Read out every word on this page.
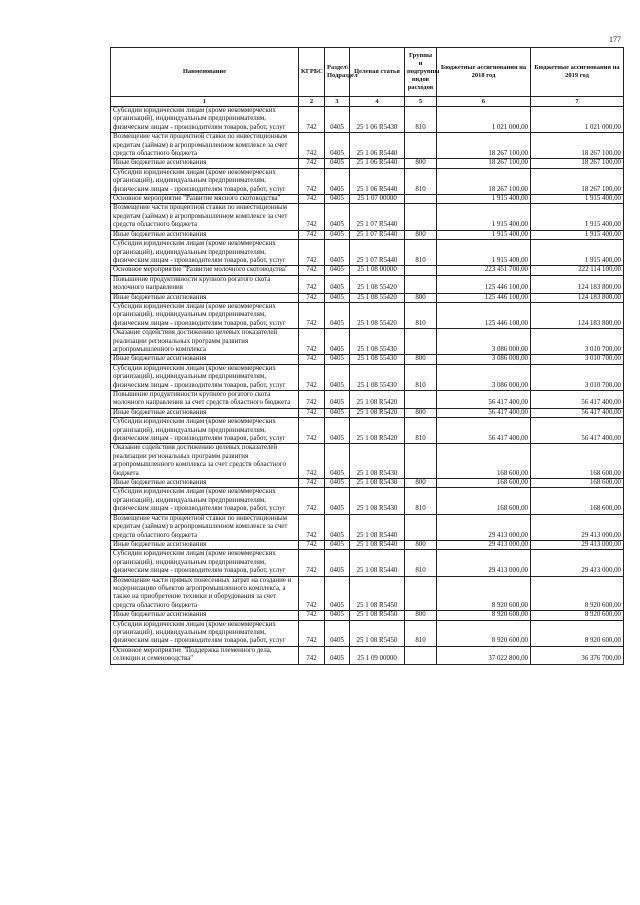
177
Наименование	КГРБС	Раздел\ Подраздел	Целевая статья	Группы и подгруппы видов расходов	Бюджетные ассигнования на 2018 год	Бюджетные ассигнования на 2019 год
1	2	3	4	5	6	7
Субсидии юридическим лицам (кроме некоммерческих организаций), индивидуальным предпринимателям, физическим лицам - производителям товаров, работ, услуг	742	0405	25 1 06 R5430	810	1 021 000,00	1 021 000,00
Возмещение части процентной ставки по инвестиционным кредитам (займам) в агропромышленном комплексе за счет средств областного бюджета	742	0405	25 1 06 R5440		18 267 100,00	18 267 100,00
Иные бюджетные ассигнования	742	0405	25 1 06 R5440	800	18 267 100,00	18 267 100,00
Субсидии юридическим лицам (кроме некоммерческих организаций), индивидуальным предпринимателям, физическим лицам - производителям товаров, работ, услуг	742	0405	25 1 06 R5440	810	18 267 100,00	18 267 100,00
Основное мероприятие "Развитие мясного скотоводства"	742	0405	25 1 07 00000		1 915 400,00	1 915 400,00
Возмещение части процентной ставки по инвестиционным кредитам (займам) в агропромышленном комплексе за счет средств областного бюджета	742	0405	25 1 07 R5440		1 915 400,00	1 915 400,00
Иные бюджетные ассигнования	742	0405	25 1 07 R5440	800	1 915 400,00	1 915 400,00
Субсидии юридическим лицам (кроме некоммерческих организаций), индивидуальным предпринимателям, физическим лицам - производителям товаров, работ, услуг	742	0405	25 1 07 R5440	810	1 915 400,00	1 915 400,00
Основное мероприятие "Развитие молочного скотоводства"	742	0405	25 1 08 00000		223 451 700,00	222 114 100,00
Повышение продуктивности крупного рогатого скота молочного направления	742	0405	25 1 08 55420		125 446 100,00	124 183 800,00
Иные бюджетные ассигнования	742	0405	25 1 08 55420	800	125 446 100,00	124 183 800,00
Субсидии юридическим лицам (кроме некоммерческих организаций), индивидуальным предпринимателям, физическим лицам - производителям товаров, работ, услуг	742	0405	25 1 08 55420	810	125 446 100,00	124 183 800,00
Оказание содействия достижению целевых показателей реализации региональных программ развития агропромышленного комплекса	742	0405	25 1 08 55430		3 086 000,00	3 010 700,00
Иные бюджетные ассигнования	742	0405	25 1 08 55430	800	3 086 000,00	3 010 700,00
Субсидии юридическим лицам (кроме некоммерческих организаций), индивидуальным предпринимателям, физическим лицам - производителям товаров, работ, услуг	742	0405	25 1 08 55430	810	3 086 000,00	3 010 700,00
Повышение продуктивности крупного рогатого скота молочного направления за счет средств областного бюджета	742	0405	25 1 08 R5420		56 417 400,00	56 417 400,00
Иные бюджетные ассигнования	742	0405	25 1 08 R5420	800	56 417 400,00	56 417 400,00
Субсидии юридическим лицам (кроме некоммерческих организаций), индивидуальным предпринимателям, физическим лицам - производителям товаров, работ, услуг	742	0405	25 1 08 R5420	810	56 417 400,00	56 417 400,00
Оказание содействия достижению целевых показателей реализации региональных программ развития агропромышленного комплекса за счет средств областного бюджета	742	0405	25 1 08 R5430		168 600,00	168 600,00
Иные бюджетные ассигнования	742	0405	25 1 08 R5430	800	168 600,00	168 600,00
Субсидии юридическим лицам (кроме некоммерческих организаций), индивидуальным предпринимателям, физическим лицам - производителям товаров, работ, услуг	742	0405	25 1 08 R5430	810	168 600,00	168 600,00
Возмещение части процентной ставки по инвестиционным кредитам (займам) в агропромышленном комплексе за счет средств областного бюджета	742	0405	25 1 08 R5440		29 413 000,00	29 413 000,00
Иные бюджетные ассигнования	742	0405	25 1 08 R5440	800	29 413 000,00	29 413 000,00
Субсидии юридическим лицам (кроме некоммерческих организаций), индивидуальным предпринимателям, физическим лицам - производителям товаров, работ, услуг	742	0405	25 1 08 R5440	810	29 413 000,00	29 413 000,00
Возмещение части прямых понесенных затрат на создание и модернизацию объектов агропромышленного комплекса, а также на приобретение техники и оборудования за счет средств областного бюджета	742	0405	25 1 08 R5450		8 920 600,00	8 920 600,00
Иные бюджетные ассигнования	742	0405	25 1 08 R5450	800	8 920 600,00	8 920 600,00
Субсидии юридическим лицам (кроме некоммерческих организаций), индивидуальным предпринимателям, физическим лицам - производителям товаров, работ, услуг	742	0405	25 1 08 R5450	810	8 920 600,00	8 920 600,00
Основное мероприятие "Поддержка племенного дела, селекции и семеноводства"	742	0405	25 1 09 00000		37 022 800,00	36 376 700,00
